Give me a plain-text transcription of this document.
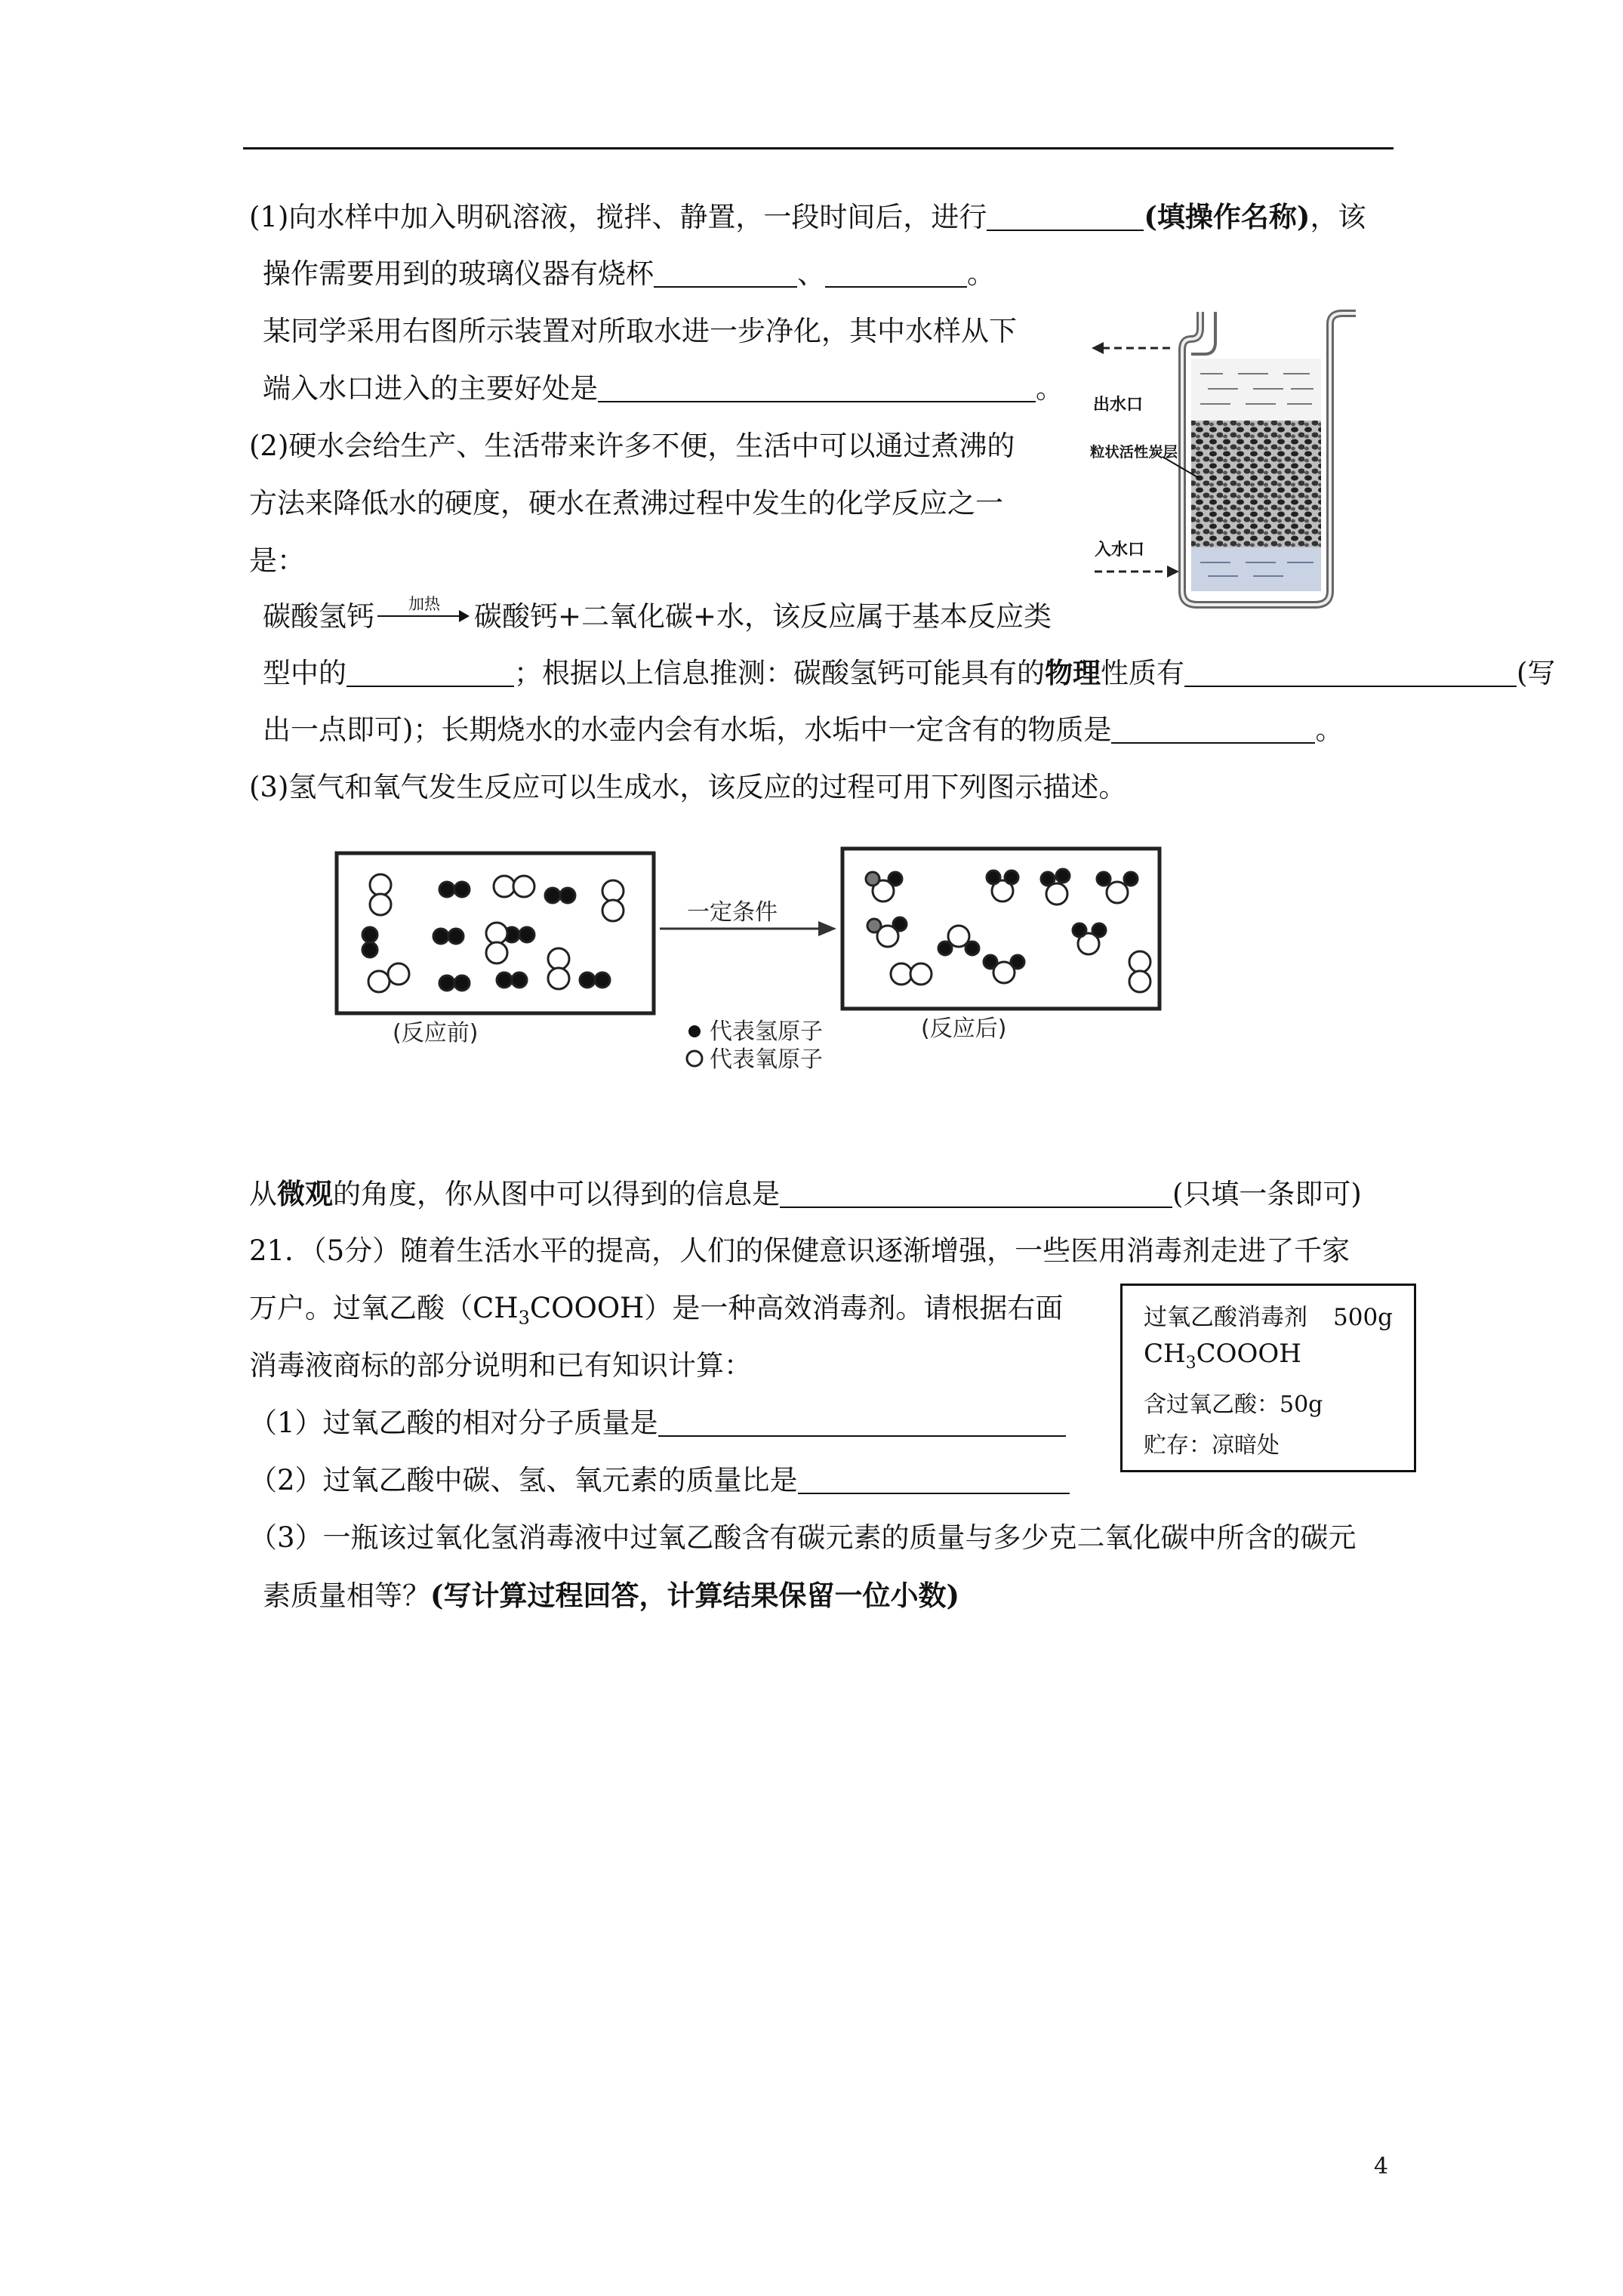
(1)向水样中加入明矾溶液，搅拌、静置，一段时间后，进行	(填操作名称)，该
操作需要用到的玻璃仪器有烧杯	、	。
某同学采用右图所示装置对所取水进一步净化，其中水样从下
端入水口进入的主要好处是	。
(2)硬水会给生产、生活带来许多不便，生活中可以通过煮沸的
方法来降低水的硬度，硬水在煮沸过程中发生的化学反应之一
是：
碳酸氢钙	加热	碳酸钙+二氧化碳+水，该反应属于基本反应类
型中的	；根据以上信息推测：碳酸氢钙可能具有的物理性质有	(写
出一点即可)；长期烧水的水壶内会有水垢，水垢中一定含有的物质是	。
(3)氢气和氧气发生反应可以生成水，该反应的过程可用下列图示描述。
出水口
粒状活性炭层
入水口
一定条件
(反应前)	(反应后)
代表氢原子
代表氧原子
从微观的角度，你从图中可以得到的信息是	(只填一条即可)
21．（5分）随着生活水平的提高，人们的保健意识逐渐增强，一些医用消毒剂走进了千家
万户。过氧乙酸$(CH_3COOOH)$是一种高效消毒剂。请根据右面
消毒液商标的部分说明和已有知识计算：
（1）过氧乙酸的相对分子质量是
（2）过氧乙酸中碳、氢、氧元素的质量比是
（3）一瓶该过氧化氢消毒液中过氧乙酸含有碳元素的质量与多少克二氧化碳中所含的碳元
素质量相等？(写计算过程回答，计算结果保留一位小数)
过氧乙酸消毒剂 500g
$CH_3COOOH$
含过氧乙酸：50g
贮存：凉暗处
4
